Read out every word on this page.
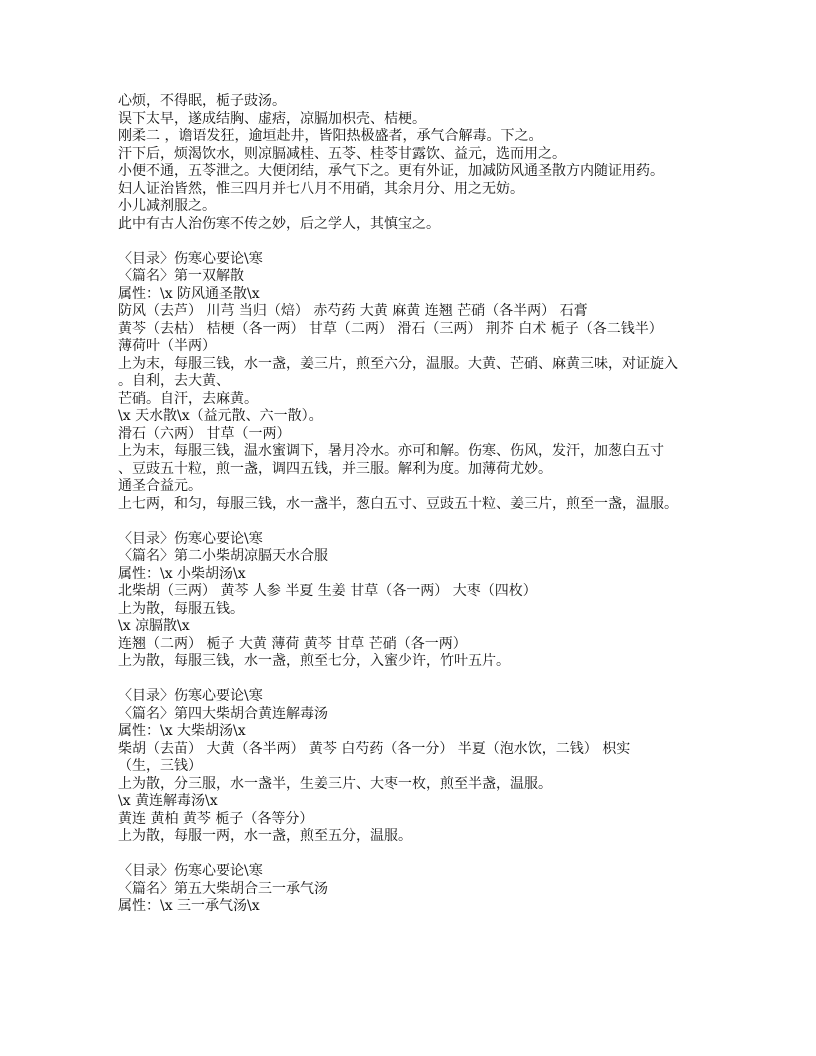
心烦，不得眠，栀子豉汤。
误下太早，遂成结胸、虚痞，凉膈加枳壳、桔梗。
刚柔二 ，谵语发狂，逾垣赴井，皆阳热极盛者，承气合解毒。下之。
汗下后，烦渴饮水，则凉膈减桂、五苓、桂苓甘露饮、益元，选而用之。
小便不通，五苓泄之。大便闭结，承气下之。更有外证，加减防风通圣散方内随证用药。
妇人证治皆然，惟三四月并七八月不用硝，其余月分、用之无妨。
小儿减剂服之。
此中有古人治伤寒不传之妙，后之学人，其慎宝之。
〈目录〉伤寒心要论\寒
〈篇名〉第一双解散
属性：\x 防风通圣散\x
防风（去芦） 川芎 当归（焙） 赤芍药 大黄 麻黄 连翘 芒硝（各半两） 石膏
黄芩（去枯） 桔梗（各一两） 甘草（二两） 滑石（三两） 荆芥 白术 栀子（各二钱半）
薄荷叶（半两）
上为末，每服三钱，水一盏，姜三片，煎至六分，温服。大黄、芒硝、麻黄三味，对证旋入
。自利，去大黄、
芒硝。自汗，去麻黄。
\x 天水散\x（益元散、六一散）。
滑石（六两） 甘草（一两）
上为末，每服三钱，温水蜜调下，暑月冷水。亦可和解。伤寒、伤风，发汗，加葱白五寸
、豆豉五十粒，煎一盏，调四五钱，并三服。解利为度。加薄荷尤妙。
通圣合益元。
上七两，和匀，每服三钱，水一盏半，葱白五寸、豆豉五十粒、姜三片，煎至一盏，温服。
〈目录〉伤寒心要论\寒
〈篇名〉第二小柴胡凉膈天水合服
属性：\x 小柴胡汤\x
北柴胡（三两） 黄芩 人参 半夏 生姜 甘草（各一两） 大枣（四枚）
上为散，每服五钱。
\x 凉膈散\x
连翘（二两） 栀子 大黄 薄荷 黄芩 甘草 芒硝（各一两）
上为散，每服三钱，水一盏，煎至七分，入蜜少许，竹叶五片。
〈目录〉伤寒心要论\寒
〈篇名〉第四大柴胡合黄连解毒汤
属性：\x 大柴胡汤\x
柴胡（去苗） 大黄（各半两） 黄芩 白芍药（各一分） 半夏（泡水饮，二钱） 枳实
（生，三钱）
上为散，分三服，水一盏半，生姜三片、大枣一枚，煎至半盏，温服。
\x 黄连解毒汤\x
黄连 黄柏 黄芩 栀子（各等分）
上为散，每服一两，水一盏，煎至五分，温服。
〈目录〉伤寒心要论\寒
〈篇名〉第五大柴胡合三一承气汤
属性：\x 三一承气汤\x
